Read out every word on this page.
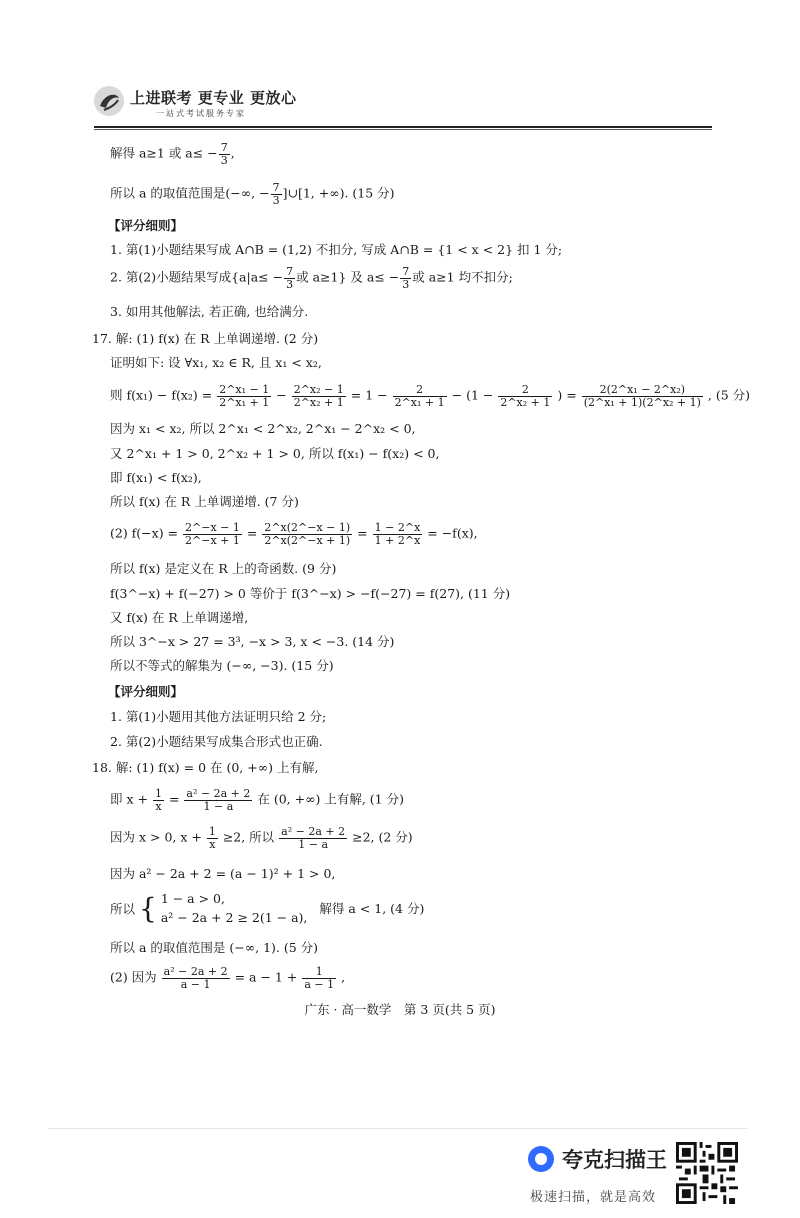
上进联考 更专业 更放心
一站式考试服务专家
解得 a≥1 或 $a\le - \frac{7}{3}$ ,
所以 a 的取值范围是(−∞, − $\frac{7}{3}$ ]∪[1, +∞). (15 分)
【评分细则】
1. 第(1)小题结果写成 A∩B = (1,2) 不扣分, 写成 A∩B = {1 < x < 2} 扣 1 分;
2. 第(2)小题结果写成{$a|a\le - \frac{7}{3}$ 或 a≥1} 及 $a\le - \frac{7}{3}$ 或 a≥1 均不扣分;
3. 如用其他解法, 若正确, 也给满分.
17. 解: (1) f(x) 在 R 上单调递增. (2 分)
证明如下: 设 ∀x₁, x₂ ∈ R, 且 x₁ < x₂,
则 $f(x_1) - f(x_2) = \frac{\text{2\textasciicircum{}x₁ − 1}}{\text{2\textasciicircum{}x₁ + 1}} - \frac{\text{2\textasciicircum{}x₂ − 1}}{\text{2\textasciicircum{}x₂ + 1}} = 1 - \frac{2}{\text{2\textasciicircum{}x₁ + 1}} - (1 - \frac{2}{\text{2\textasciicircum{}x₂ + 1}}$ ) = $\frac{\text{2(2\textasciicircum{}x₁ − 2\textasciicircum{}x₂)}}{\text{(2\textasciicircum{}x₁ + 1)(2\textasciicircum{}x₂ + 1)}}$ , (5 分)
因为 x₁ < x₂, 所以 2^x₁ < 2^x₂, 2^x₁ − 2^x₂ < 0,
又 2^x₁ + 1 > 0, 2^x₂ + 1 > 0, 所以 f(x₁) − f(x₂) < 0,
即 f(x₁) < f(x₂),
所以 f(x) 在 R 上单调递增. (7 分)
(2) $f(-x) = \frac{2\^{}-x - 1}{2\^{}-x + 1} = \frac{2\^{}x(2\^{}-x - 1)}{2\^{}x(2\^{}-x + 1)} = \frac{1 - 2\^{}x}{1 + 2\^{}x} = -f(x)$,
所以 f(x) 是定义在 R 上的奇函数. (9 分)
f(3^−x) + f(−27) > 0 等价于 f(3^−x) > −f(−27) = f(27), (11 分)
又 f(x) 在 R 上单调递增,
所以 3^−x > 27 = 3³, −x > 3, x < −3. (14 分)
所以不等式的解集为 (−∞, −3). (15 分)
【评分细则】
1. 第(1)小题用其他方法证明只给 2 分;
2. 第(2)小题结果写成集合形式也正确.
18. 解: (1) f(x) = 0 在 (0, +∞) 上有解,
即 $x + \frac{1}{x} = \frac{\text{a² − 2a + 2}}{1 - a}$ 在 (0, +∞) 上有解, (1 分)
因为 x > 0, $x + \frac{1}{x} \ge 2$, 所以 $\frac{\text{a² − 2a + 2}}{1 - a} \ge 2$, (2 分)
因为 a² − 2a + 2 = (a − 1)² + 1 > 0,
所以 { 1 − a > 0,
a² − 2a + 2 ≥ 2(1 − a),
解得 a < 1, (4 分)
所以 a 的取值范围是 (−∞, 1). (5 分)
(2) 因为 $\frac{\text{a² − 2a + 2}}{a - 1} = a - 1 + \frac{1}{a - 1}$ ,
广东 · 高一数学　第 3 页(共 5 页)
夸克扫描王
极速扫描，就是高效
